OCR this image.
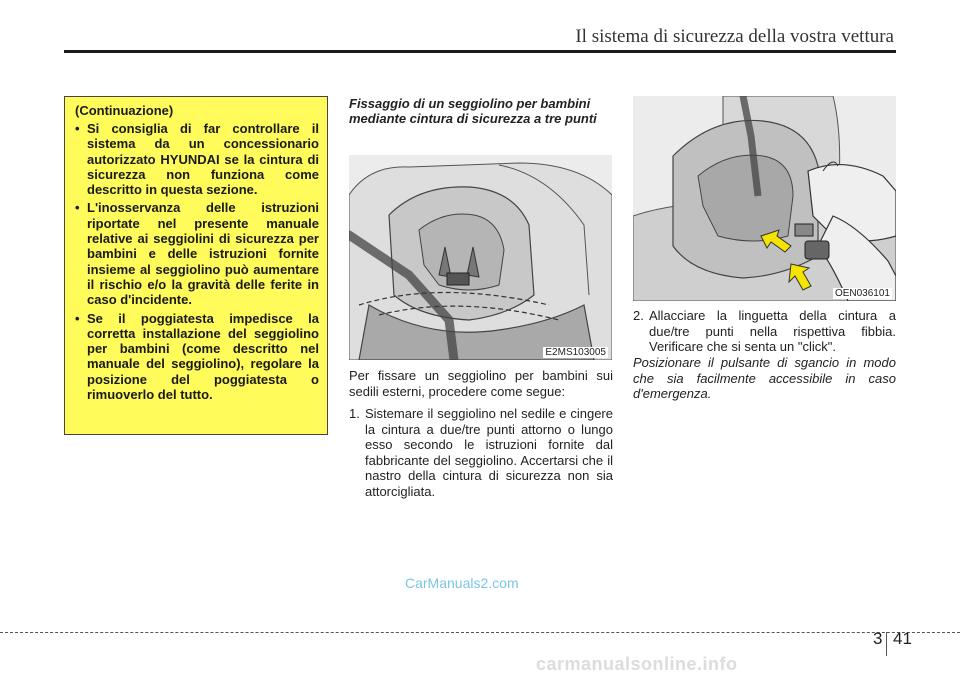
Il sistema di sicurezza della vostra vettura
(Continuazione)
• Si consiglia di far controllare il sistema da un concessionario autorizzato HYUNDAI se la cintura di sicurezza non funziona come descritto in questa sezione.
• L'inosservanza delle istruzioni riportate nel presente manuale relative ai seggiolini di sicurezza per bambini e delle istruzioni fornite insieme al seggiolino può aumentare il rischio e/o la gravità delle ferite in caso d'incidente.
• Se il poggiatesta impedisce la corretta installazione del seggiolino per bambini (come descritto nel manuale del seggiolino), regolare la posizione del poggiatesta o rimuoverlo del tutto.
Fissaggio di un seggiolino per bambini mediante cintura di sicurezza a tre punti
E2MS103005
Per fissare un seggiolino per bambini sui sedili esterni, procedere come segue:
1. Sistemare il seggiolino nel sedile e cingere la cintura a due/tre punti attorno o lungo esso secondo le istruzioni fornite dal fabbricante del seggiolino. Accertarsi che il nastro della cintura di sicurezza non sia attorcigliata.
OEN036101
2. Allacciare la linguetta della cintura a due/tre punti nella rispettiva fibbia. Verificare che si senta un "click".
Posizionare il pulsante di sgancio in modo che sia facilmente accessibile in caso d'emergenza.
CarManuals2.com
3 41
carmanualsonline.info
